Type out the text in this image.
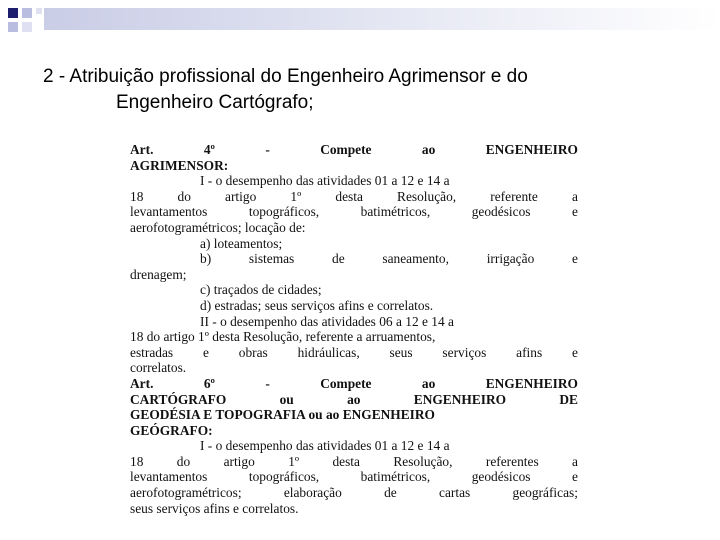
2 - Atribuição profissional do Engenheiro Agrimensor e do
Engenheiro Cartógrafo;
Art.	4º	-	Compete	ao	ENGENHEIRO
AGRIMENSOR:
I - o desempenho das atividades 01 a 12 e 14 a
18	do	artigo	1º	desta	Resolução,	referente	a
levantamentos	topográficos,	batimétricos,	geodésicos	e
aerofotogramétricos; locação de:
a) loteamentos;
b)	sistemas	de	saneamento,	irrigação	e
drenagem;
c) traçados de cidades;
d) estradas; seus serviços afins e correlatos.
II - o desempenho das atividades 06 a 12 e 14 a
18 do artigo 1º desta Resolução, referente a arruamentos,
estradas e obras hidráulicas, seus serviços afins e
correlatos.
Art.	6º	-	Compete	ao	ENGENHEIRO
CARTÓGRAFO	ou	ao	ENGENHEIRO	DE
GEODÉSIA E TOPOGRAFIA ou ao ENGENHEIRO
GEÓGRAFO:
I - o desempenho das atividades 01 a 12 e 14 a
18 do artigo 1º desta Resolução, referentes a
levantamentos	topográficos,	batimétricos,	geodésicos	e
aerofotogramétricos;	elaboração	de	cartas	geográficas;
seus serviços afins e correlatos.
